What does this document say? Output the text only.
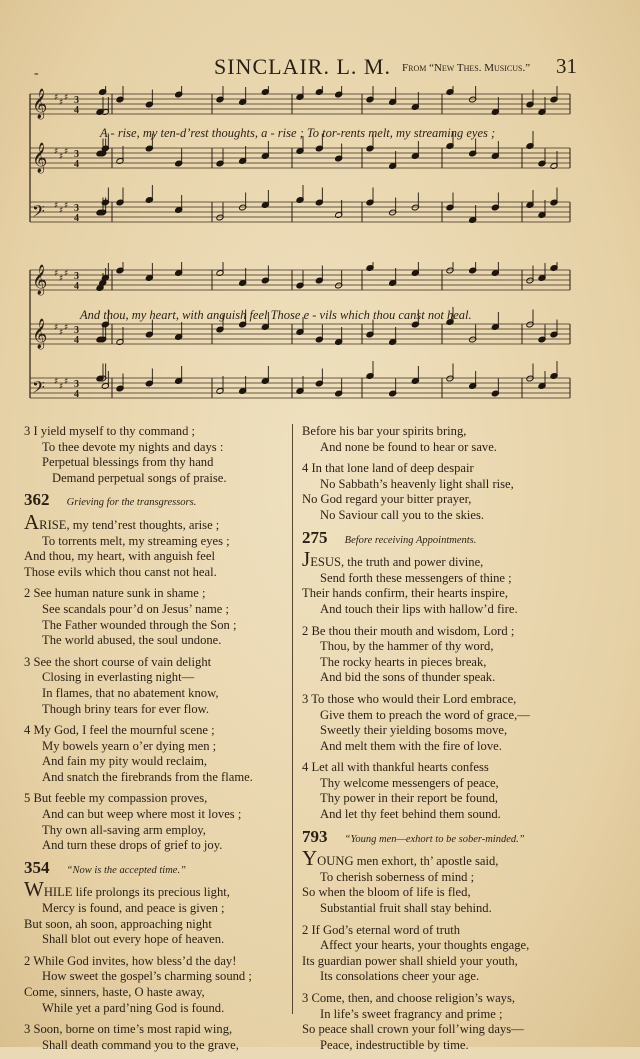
-	SINCLAIR. L. M. From “New Thes. Musicus.” 31
𝄞 ♯ ♯ ♯ 3
4
𝄞 ♯ ♯ ♯ 3
4
𝄢 ♯ ♯ ♯ 3
4
A - rise, my ten-d’rest thoughts, a - rise ; To tor-rents melt, my streaming eyes ;
𝄞 ♯ ♯ ♯ 3
4
𝄞 ♯ ♯ ♯ 3
4
𝄢 ♯ ♯ ♯ 3
4
And thou, my heart, with anguish feel Those e - vils which thou canst not heal.
3 I yield myself to thy command ;
To thee devote my nights and days :
Perpetual blessings from thy hand
Demand perpetual songs of praise.
362 Grieving for the transgressors.
ARISE, my tend’rest thoughts, arise ;
To torrents melt, my streaming eyes ;
And thou, my heart, with anguish feel
Those evils which thou canst not heal.
2 See human nature sunk in shame ;
See scandals pour’d on Jesus’ name ;
The Father wounded through the Son ;
The world abused, the soul undone.
3 See the short course of vain delight
Closing in everlasting night—
In flames, that no abatement know,
Though briny tears for ever flow.
4 My God, I feel the mournful scene ;
My bowels yearn o’er dying men ;
And fain my pity would reclaim,
And snatch the firebrands from the flame.
5 But feeble my compassion proves,
And can but weep where most it loves ;
Thy own all-saving arm employ,
And turn these drops of grief to joy.
354 “Now is the accepted time.”
WHILE life prolongs its precious light,
Mercy is found, and peace is given ;
But soon, ah soon, approaching night
Shall blot out every hope of heaven.
2 While God invites, how bless’d the day!
How sweet the gospel’s charming sound ;
Come, sinners, haste, O haste away,
While yet a pard’ning God is found.
3 Soon, borne on time’s most rapid wing,
Shall death command you to the grave,
Before his bar your spirits bring,
And none be found to hear or save.
4 In that lone land of deep despair
No Sabbath’s heavenly light shall rise,
No God regard your bitter prayer,
No Saviour call you to the skies.
275 Before receiving Appointments.
JESUS, the truth and power divine,
Send forth these messengers of thine ;
Their hands confirm, their hearts inspire,
And touch their lips with hallow’d fire.
2 Be thou their mouth and wisdom, Lord ;
Thou, by the hammer of thy word,
The rocky hearts in pieces break,
And bid the sons of thunder speak.
3 To those who would their Lord embrace,
Give them to preach the word of grace,—
Sweetly their yielding bosoms move,
And melt them with the fire of love.
4 Let all with thankful hearts confess
Thy welcome messengers of peace,
Thy power in their report be found,
And let thy feet behind them sound.
793 “Young men—exhort to be sober-minded.”
YOUNG men exhort, th’ apostle said,
To cherish soberness of mind ;
So when the bloom of life is fled,
Substantial fruit shall stay behind.
2 If God’s eternal word of truth
Affect your hearts, your thoughts engage,
Its guardian power shall shield your youth,
Its consolations cheer your age.
3 Come, then, and choose religion’s ways,
In life’s sweet fragrancy and prime ;
So peace shall crown your foll’wing days—
Peace, indestructible by time.
